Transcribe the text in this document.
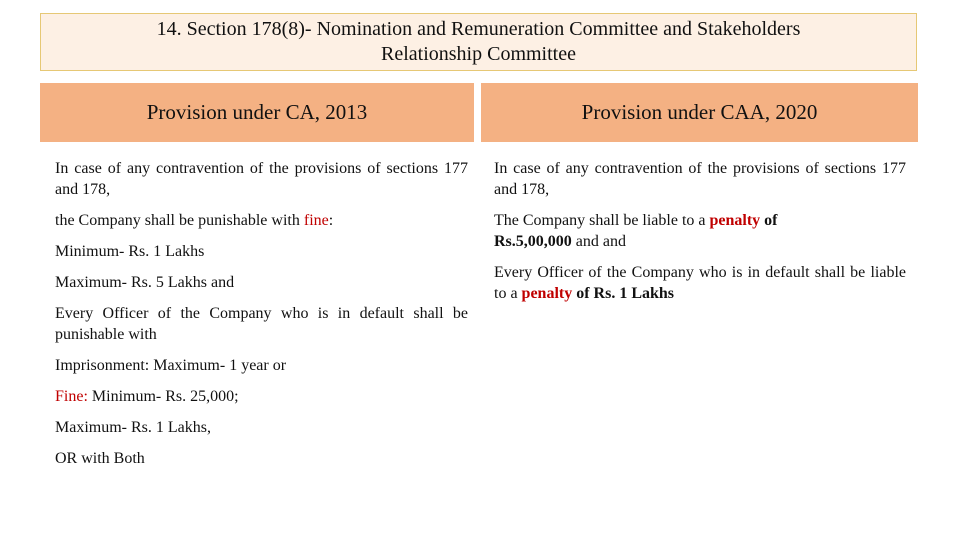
14. Section 178(8)- Nomination and Remuneration Committee and Stakeholders
Relationship Committee
Provision under CA, 2013	Provision under CAA, 2020

In case of any contravention of the provisions of sections 177 and 178,

the Company shall be punishable with fine:

Minimum- Rs. 1 Lakhs

Maximum- Rs. 5 Lakhs and

Every Officer of the Company who is in default shall be punishable with

Imprisonment: Maximum- 1 year or

Fine: Minimum- Rs. 25,000;

Maximum- Rs. 1 Lakhs,

OR with Both

In case of any contravention of the provisions of sections 177 and 178,

The Company shall be liable to a penalty of
Rs.5,00,000 and and

Every Officer of the Company who is in default shall be liable to a penalty of Rs. 1 Lakhs
